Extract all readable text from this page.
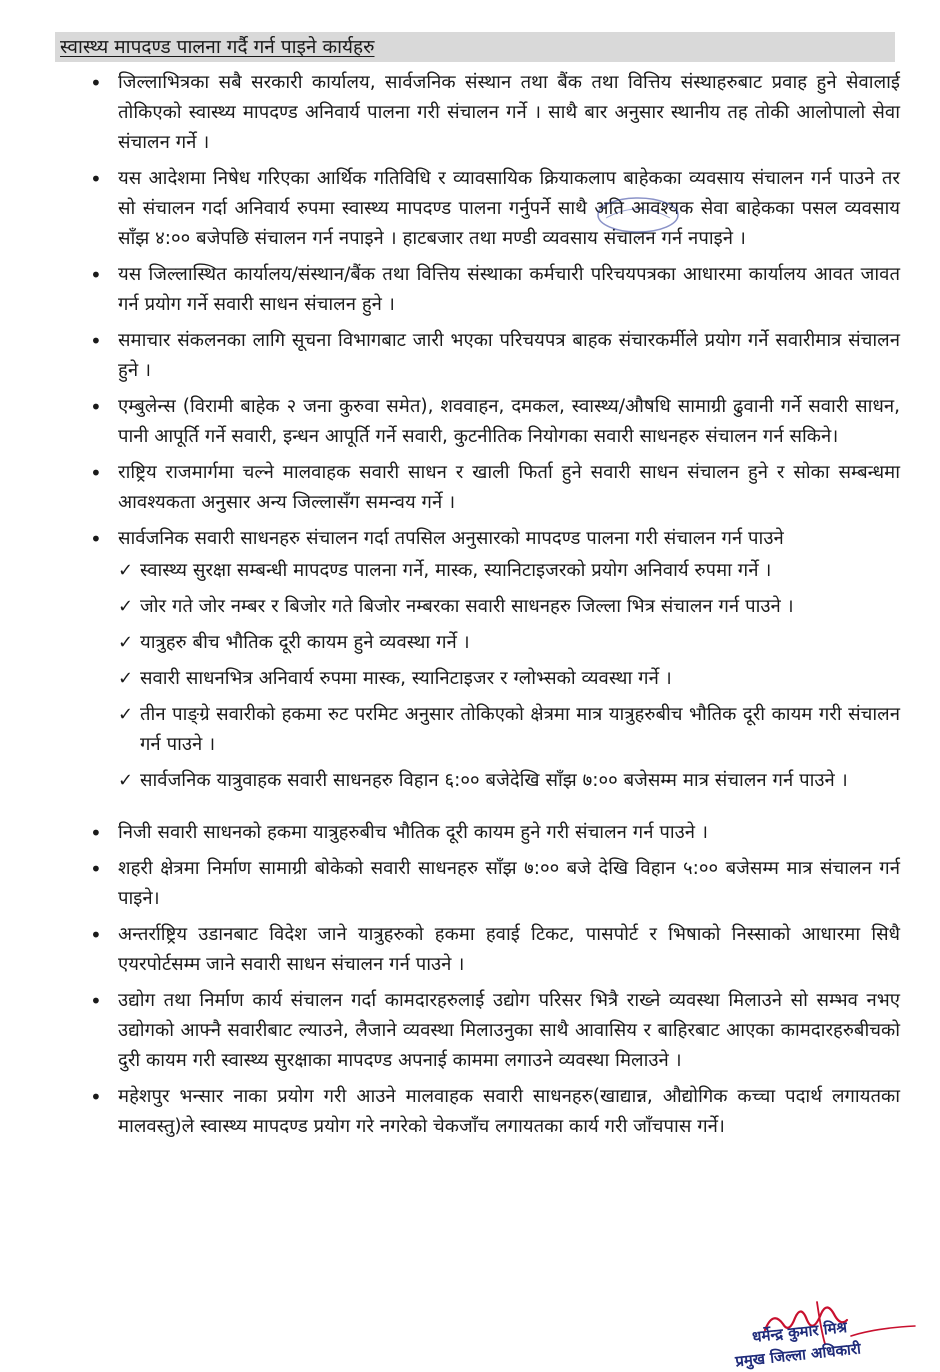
स्वास्थ्य मापदण्ड पालना गर्दै गर्न पाइने कार्यहरु
• जिल्लाभित्रका सबै सरकारी कार्यालय, सार्वजनिक संस्थान तथा बैंक तथा वित्तिय संस्थाहरुबाट प्रवाह हुने सेवालाई तोकिएको स्वास्थ्य मापदण्ड अनिवार्य पालना गरी संचालन गर्ने । साथै बार अनुसार स्थानीय तह तोकी आलोपालो सेवा संचालन गर्ने ।
• यस आदेशमा निषेध गरिएका आर्थिक गतिविधि र व्यावसायिक क्रियाकलाप बाहेकका व्यवसाय संचालन गर्न पाउने तर सो संचालन गर्दा अनिवार्य रुपमा स्वास्थ्य मापदण्ड पालना गर्नुपर्ने साथै अति आवश्यक सेवा बाहेकका पसल व्यवसाय साँझ ४:०० बजेपछि संचालन गर्न नपाइने । हाटबजार तथा मण्डी व्यवसाय संचालन गर्न नपाइने ।
• यस जिल्लास्थित कार्यालय/संस्थान/बैंक तथा वित्तिय संस्थाका कर्मचारी परिचयपत्रका आधारमा कार्यालय आवत जावत गर्न प्रयोग गर्ने सवारी साधन संचालन हुने ।
• समाचार संकलनका लागि सूचना विभागबाट जारी भएका परिचयपत्र बाहक संचारकर्मीले प्रयोग गर्ने सवारीमात्र संचालन हुने ।
• एम्बुलेन्स (विरामी बाहेक २ जना कुरुवा समेत), शववाहन, दमकल, स्वास्थ्य/औषधि सामाग्री ढुवानी गर्ने सवारी साधन, पानी आपूर्ति गर्ने सवारी, इन्धन आपूर्ति गर्ने सवारी, कुटनीतिक नियोगका सवारी साधनहरु संचालन गर्न सकिने।
• राष्ट्रिय राजमार्गमा चल्ने मालवाहक सवारी साधन र खाली फिर्ता हुने सवारी साधन संचालन हुने र सोका सम्बन्धमा आवश्यकता अनुसार अन्य जिल्लासँग समन्वय गर्ने ।
• सार्वजनिक सवारी साधनहरु संचालन गर्दा तपसिल अनुसारको मापदण्ड पालना गरी संचालन गर्न पाउने
✓ स्वास्थ्य सुरक्षा सम्बन्धी मापदण्ड पालना गर्ने, मास्क, स्यानिटाइजरको प्रयोग अनिवार्य रुपमा गर्ने ।
✓ जोर गते जोर नम्बर र बिजोर गते बिजोर नम्बरका सवारी साधनहरु जिल्ला भित्र संचालन गर्न पाउने ।
✓ यात्रुहरु बीच भौतिक दूरी कायम हुने व्यवस्था गर्ने ।
✓ सवारी साधनभित्र अनिवार्य रुपमा मास्क, स्यानिटाइजर र ग्लोभ्सको व्यवस्था गर्ने ।
✓ तीन पाङ्ग्रे सवारीको हकमा रुट परमिट अनुसार तोकिएको क्षेत्रमा मात्र यात्रुहरुबीच भौतिक दूरी कायम गरी संचालन गर्न पाउने ।
✓ सार्वजनिक यात्रुवाहक सवारी साधनहरु विहान ६:०० बजेदेखि साँझ ७:०० बजेसम्म मात्र संचालन गर्न पाउने ।
• निजी सवारी साधनको हकमा यात्रुहरुबीच भौतिक दूरी कायम हुने गरी संचालन गर्न पाउने ।
• शहरी क्षेत्रमा निर्माण सामाग्री बोकेको सवारी साधनहरु साँझ ७:०० बजे देखि विहान ५:०० बजेसम्म मात्र संचालन गर्न पाइने।
• अन्तर्राष्ट्रिय उडानबाट विदेश जाने यात्रुहरुको हकमा हवाई टिकट, पासपोर्ट र भिषाको निस्साको आधारमा सिधै एयरपोर्टसम्म जाने सवारी साधन संचालन गर्न पाउने ।
• उद्योग तथा निर्माण कार्य संचालन गर्दा कामदारहरुलाई उद्योग परिसर भित्रै राख्ने व्यवस्था मिलाउने सो सम्भव नभए उद्योगको आफ्नै सवारीबाट ल्याउने, लैजाने व्यवस्था मिलाउनुका साथै आवासिय र बाहिरबाट आएका कामदारहरुबीचको दुरी कायम गरी स्वास्थ्य सुरक्षाका मापदण्ड अपनाई काममा लगाउने व्यवस्था मिलाउने ।
• महेशपुर भन्सार नाका प्रयोग गरी आउने मालवाहक सवारी साधनहरु(खाद्यान्न, औद्योगिक कच्चा पदार्थ लगायतका मालवस्तु)ले स्वास्थ्य मापदण्ड प्रयोग गरे नगरेको चेकजाँच लगायतका कार्य गरी जाँचपास गर्ने।
धर्मेन्द्र कुमार मिश्र
प्रमुख जिल्ला अधिकारी
